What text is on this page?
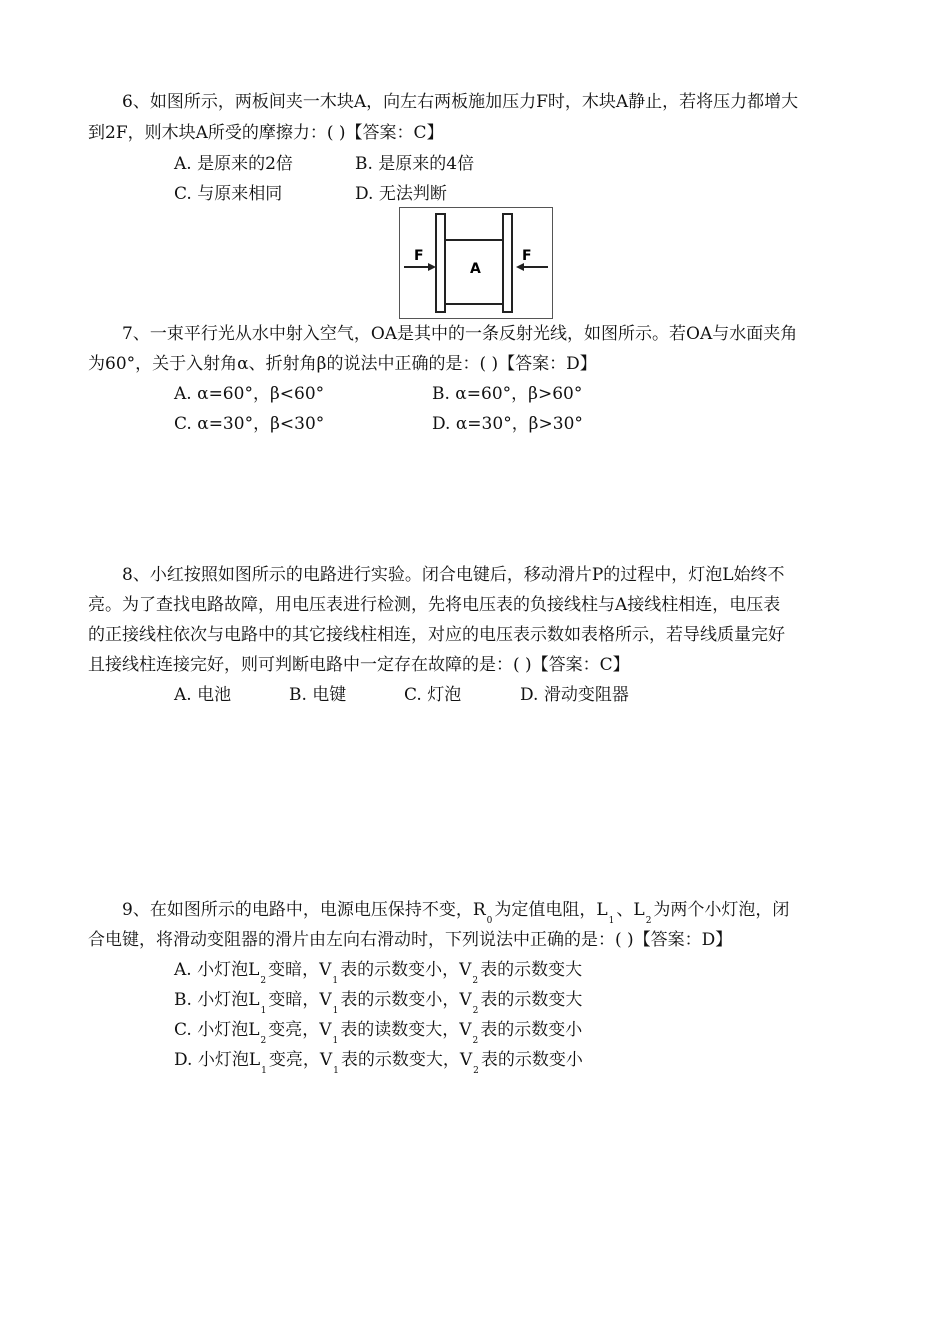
6、如图所示，两板间夹一木块A，向左右两板施加压力F时，木块A静止，若将压力都增大
到2F，则木块A所受的摩擦力：( )【答案：C】
A. 是原来的2倍	B. 是原来的4倍
C. 与原来相同	D. 无法判断
F	F
A
7、一束平行光从水中射入空气，OA是其中的一条反射光线，如图所示。若OA与水面夹角
为60°，关于入射角α、折射角β的说法中正确的是：( )【答案：D】
A. α=60°，β<60°	B. α=60°，β>60°
C. α=30°，β<30°	D. α=30°，β>30°
8、小红按照如图所示的电路进行实验。闭合电键后，移动滑片P的过程中，灯泡L始终不
亮。为了查找电路故障，用电压表进行检测，先将电压表的负接线柱与A接线柱相连，电压表
的正接线柱依次与电路中的其它接线柱相连，对应的电压表示数如表格所示，若导线质量完好
且接线柱连接完好，则可判断电路中一定存在故障的是：( )【答案：C】
A. 电池	B. 电键	C. 灯泡	D. 滑动变阻器
9、在如图所示的电路中，电源电压保持不变，$R_0$为定值电阻，$L_1$、$L_2$为两个小灯泡，闭
合电键，将滑动变阻器的滑片由左向右滑动时，下列说法中正确的是：( )【答案：D】
A. 小灯泡$L_2$变暗，$V_1$表的示数变小，$V_2$表的示数变大
B. 小灯泡$L_1$变暗，$V_1$表的示数变小，$V_2$表的示数变大
C. 小灯泡$L_2$变亮，$V_1$表的读数变大，$V_2$表的示数变小
D. 小灯泡$L_1$变亮，$V_1$表的示数变大，$V_2$表的示数变小
